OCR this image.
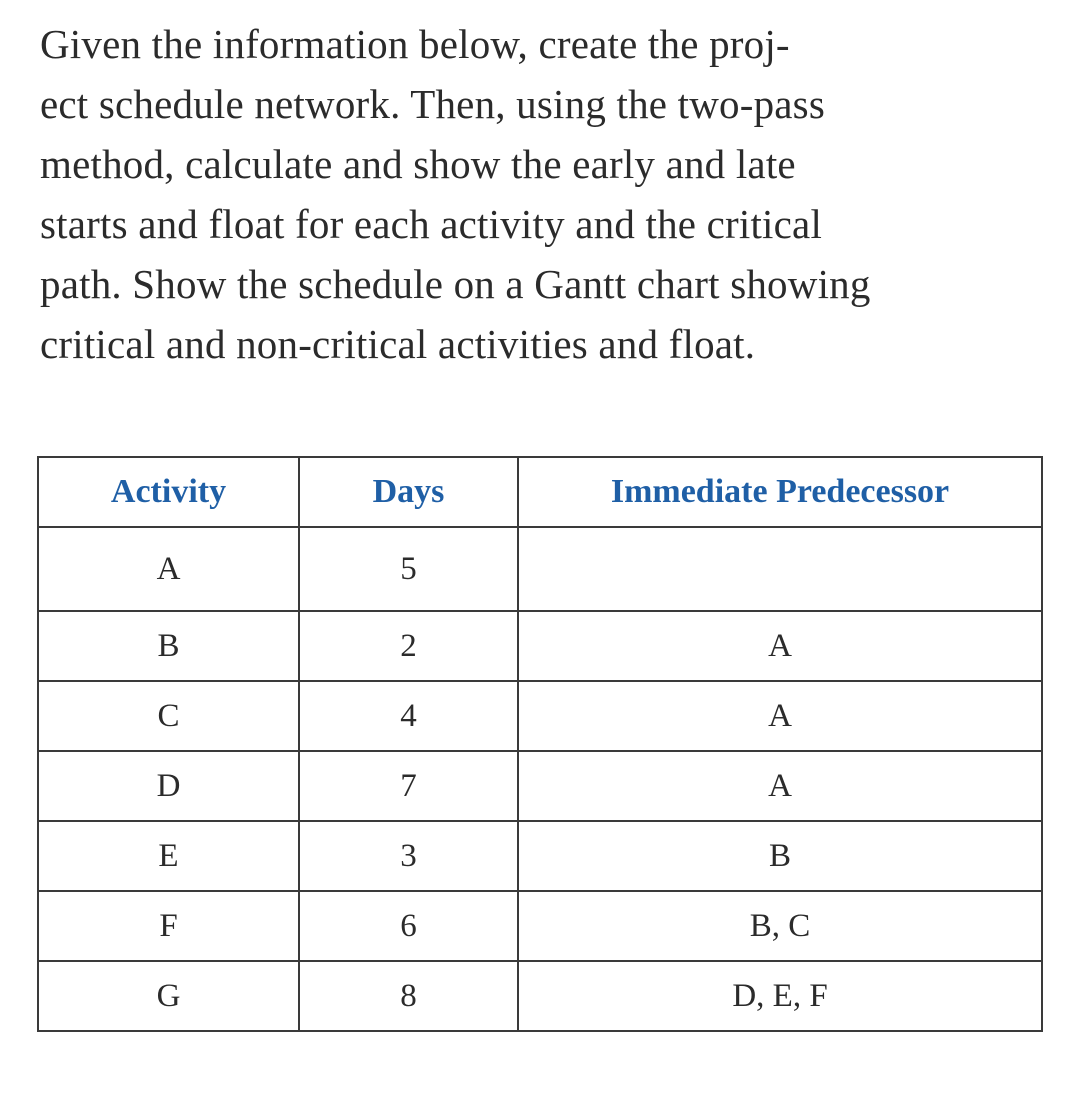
Given the information below, create the proj-
ect schedule network. Then, using the two-pass
method, calculate and show the early and late
starts and float for each activity and the critical
path. Show the schedule on a Gantt chart showing
critical and non-critical activities and float.

Activity	Days	Immediate Predecessor
A	5	
B	2	A
C	4	A
D	7	A
E	3	B
F	6	B, C
G	8	D, E, F
